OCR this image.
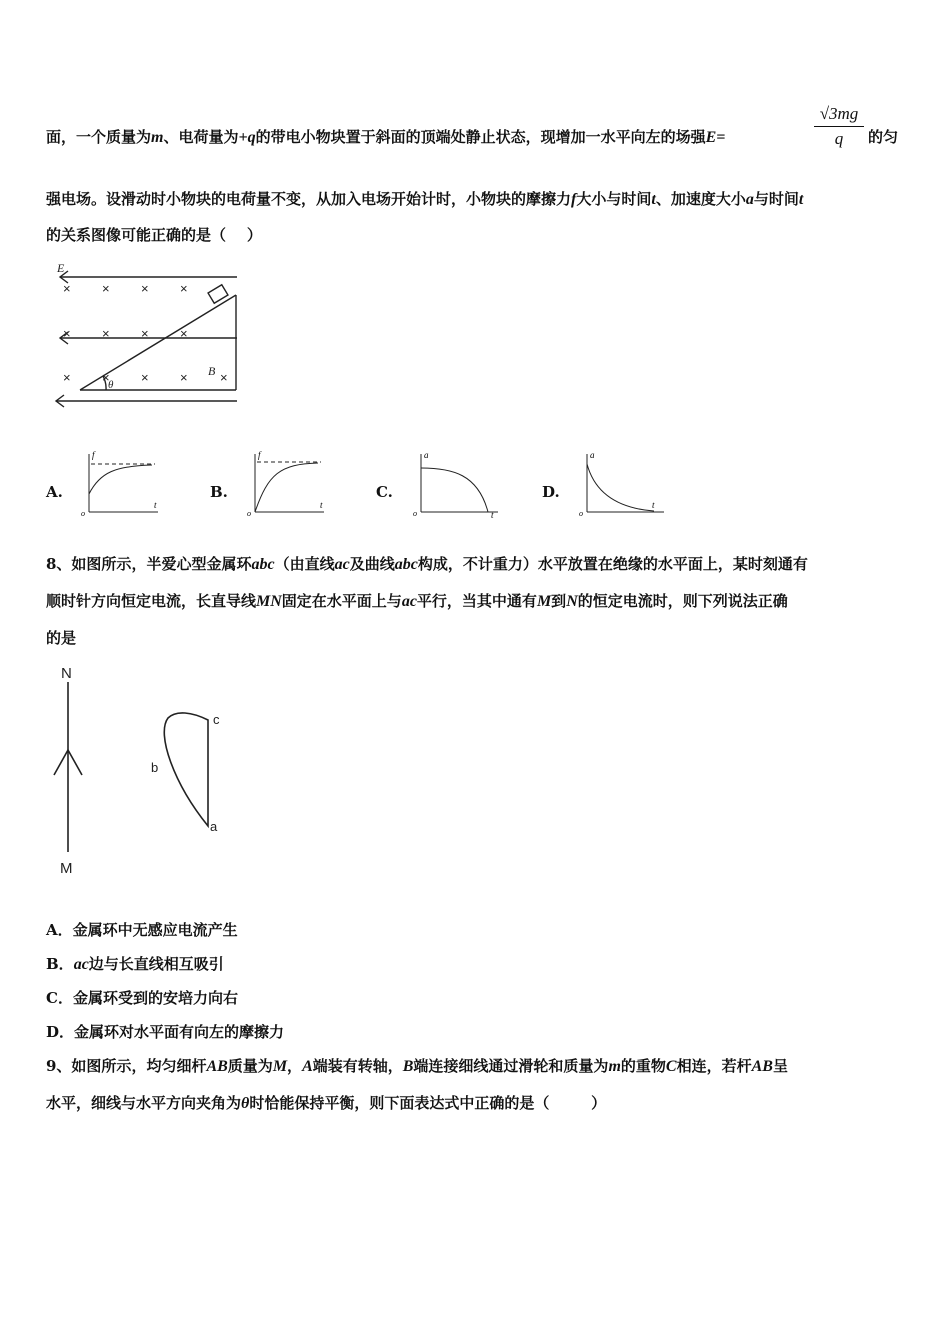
面，一个质量为m、电荷量为+q的带电小物块置于斜面的顶端处静止状态，现增加一水平向左的场强E=
√3mg
q	的匀
强电场。设滑动时小物块的电荷量不变，从加入电场开始计时，小物块的摩擦力f大小与时间t、加速度大小a与时间t
的关系图像可能正确的是（    ）
× × × ×
× × × ×
× × × × ×
E
B
θ
A.
f
t
o
B.
f
t
o
C.
a
t
o
D.
a
t
o
8、如图所示，半爱心型金属环abc（由直线ac及曲线abc构成，不计重力）水平放置在绝缘的水平面上，某时刻通有
顺时针方向恒定电流，长直导线MN固定在水平面上与ac平行，当其中通有M到N的恒定电流时，则下列说法正确
的是
N
M
c
b
a
A．金属环中无感应电流产生
B．ac边与长直线相互吸引
C．金属环受到的安培力向右
D．金属环对水平面有向左的摩擦力
9、如图所示，均匀细杆AB质量为M，A端装有转轴，B端连接细线通过滑轮和质量为m的重物C相连，若杆AB呈
水平，细线与水平方向夹角为θ时恰能保持平衡，则下面表达式中正确的是（        ）
